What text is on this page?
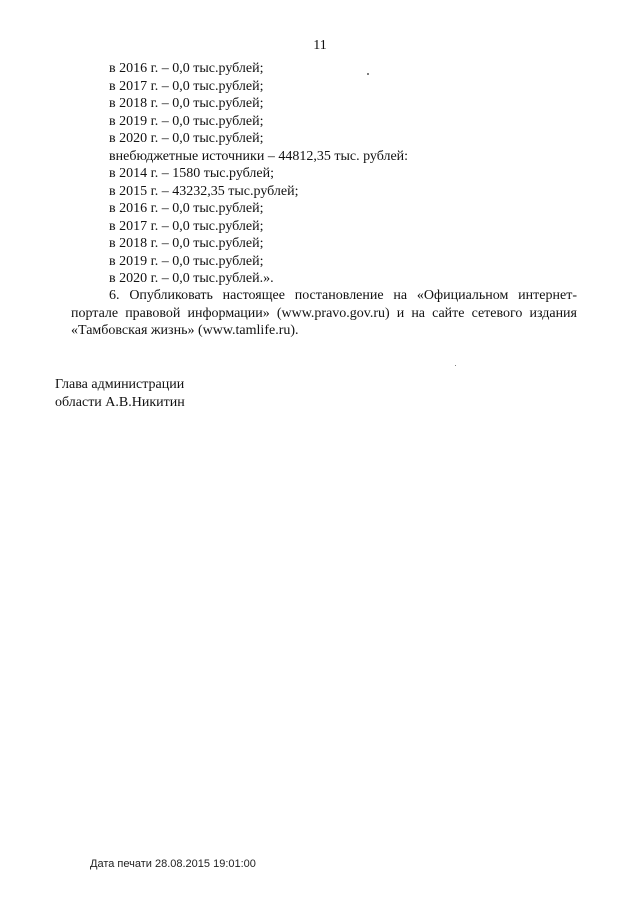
11
в 2016 г. – 0,0 тыс.рублей;
в 2017 г. – 0,0 тыс.рублей;
в 2018 г. – 0,0 тыс.рублей;
в 2019 г. – 0,0 тыс.рублей;
в 2020 г. – 0,0 тыс.рублей;
внебюджетные источники – 44812,35 тыс. рублей:
в 2014 г. – 1580 тыс.рублей;
в 2015 г. – 43232,35 тыс.рублей;
в 2016 г. – 0,0 тыс.рублей;
в 2017 г. – 0,0 тыс.рублей;
в 2018 г. – 0,0 тыс.рублей;
в 2019 г. – 0,0 тыс.рублей;
в 2020 г. – 0,0 тыс.рублей.».
6. Опубликовать настоящее постановление на «Официальном интернет-портале правовой информации» (www.pravo.gov.ru) и на сайте сетевого издания «Тамбовская жизнь» (www.tamlife.ru).
Глава администрации
области А.В.Никитин
Дата печати 28.08.2015 19:01:00
